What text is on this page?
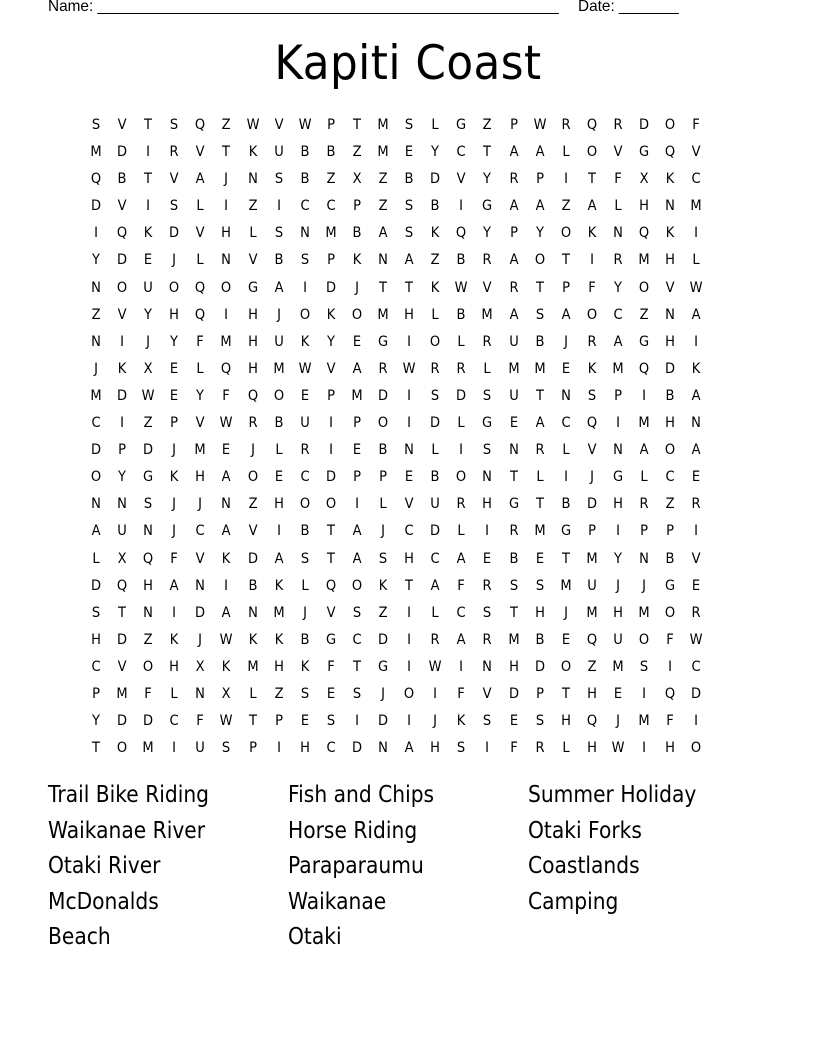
Name: ______________________________________________________ Date: _______
Kapiti Coast
S	V	T	S	Q	Z	W	V	W	P	T	M	S	L	G	Z	P	W	R	Q	R	D	O	F
M	D	I	R	V	T	K	U	B	B	Z	M	E	Y	C	T	A	A	L	O	V	G	Q	V
Q	B	T	V	A	J	N	S	B	Z	X	Z	B	D	V	Y	R	P	I	T	F	X	K	C
D	V	I	S	L	I	Z	I	C	C	P	Z	S	B	I	G	A	A	Z	A	L	H	N	M
I	Q	K	D	V	H	L	S	N	M	B	A	S	K	Q	Y	P	Y	O	K	N	Q	K	I
Y	D	E	J	L	N	V	B	S	P	K	N	A	Z	B	R	A	O	T	I	R	M	H	L
N	O	U	O	Q	O	G	A	I	D	J	T	T	K	W	V	R	T	P	F	Y	O	V	W
Z	V	Y	H	Q	I	H	J	O	K	O	M	H	L	B	M	A	S	A	O	C	Z	N	A
N	I	J	Y	F	M	H	U	K	Y	E	G	I	O	L	R	U	B	J	R	A	G	H	I
J	K	X	E	L	Q	H	M W	V	A	R	W	R	R	L	M	M	E	K	M	Q	D	K
M	D	W	E	Y	F	Q	O	E	P	M	D	I	S	D	S	U	T	N	S	P	I	B	A
C	I	Z	P	V	W	R	B	U	I	P	O	I	D	L	G	E	A	C	Q	I	M	H	N
D	P	D	J	M	E	J	L	R	I	E	B	N	L	I	S	N	R	L	V	N	A	O	A
O	Y	G	K	H	A	O	E	C	D	P	P	E	B	O	N	T	L	I	J	G	L	C	E
N	N	S	J	J	N	Z	H	O	O	I	L	V	U	R	H	G	T	B	D	H	R	Z	R
A	U	N	J	C	A	V	I	B	T	A	J	C	D	L	I	R	M	G	P	I	P	P	I
L	X	Q	F	V	K	D	A	S	T	A	S	H	C	A	E	B	E	T	M	Y	N	B	V
D	Q	H	A	N	I	B	K	L	Q	O	K	T	A	F	R	S	S	M	U	J	J	G	E
S	T	N	I	D	A	N	M	J	V	S	Z	I	L	C	S	T	H	J	M	H	M	O	R
H	D	Z	K	J	W	K	K	B	G	C	D	I	R	A	R	M	B	E	Q	U	O	F	W
C	V	O	H	X	K	M	H	K	F	T	G	I	W	I	N	H	D	O	Z	M	S	I	C
P	M	F	L	N	X	L	Z	S	E	S	J	O	I	F	V	D	P	T	H	E	I	Q	D
Y	D	D	C	F	W	T	P	E	S	I	D	I	J	K	S	E	S	H	Q	J	M	F	I
T	O	M	I	U	S	P	I	H	C	D	N	A	H	S	I	F	R	L	H	W	I	H	O
Trail Bike Riding
Waikanae River
Otaki River
McDonalds
Beach
Fish and Chips
Horse Riding
Paraparaumu
Waikanae
Otaki
Summer Holiday
Otaki Forks
Coastlands
Camping
